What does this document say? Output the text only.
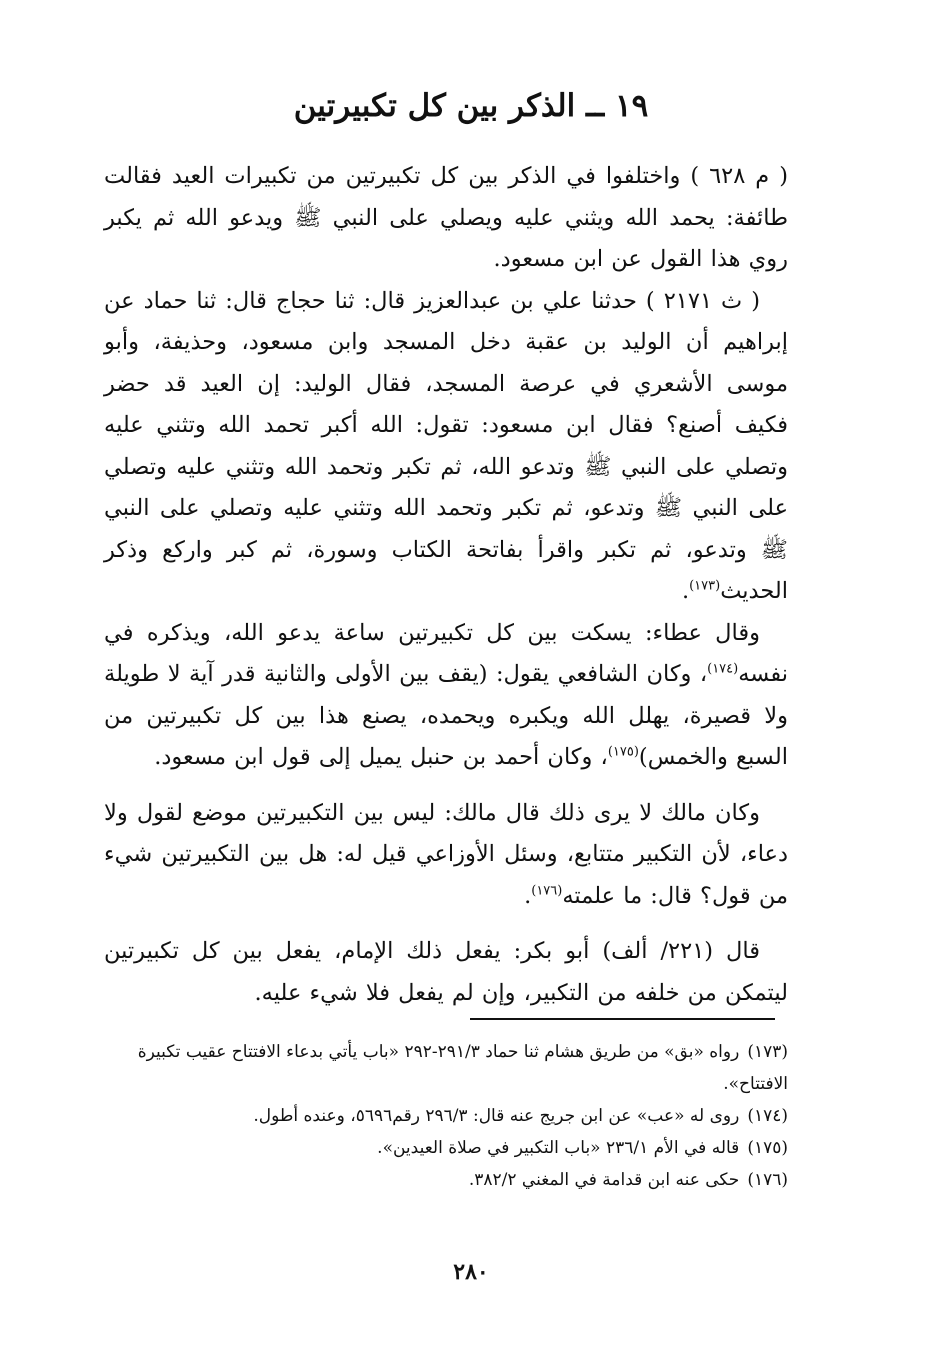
١٩ ــ الذكر بين كل تكبيرتين

( م ٦٢٨ ) واختلفوا في الذكر بين كل تكبيرتين من تكبيرات العيد فقالت طائفة: يحمد الله ويثني عليه ويصلي على النبي ﷺ ويدعو الله ثم يكبر روي هذا القول عن ابن مسعود.

( ث ٢١٧١ ) حدثنا علي بن عبدالعزيز قال: ثنا حجاج قال: ثنا حماد عن إبراهيم أن الوليد بن عقبة دخل المسجد وابن مسعود، وحذيفة، وأبو موسى الأشعري في عرصة المسجد، فقال الوليد: إن العيد قد حضر فكيف أصنع؟ فقال ابن مسعود: تقول: الله أكبر تحمد الله وتثني عليه وتصلي على النبي ﷺ وتدعو الله، ثم تكبر وتحمد الله وتثني عليه وتصلي على النبي ﷺ وتدعو، ثم تكبر وتحمد الله وتثني عليه وتصلي على النبي ﷺ وتدعو، ثم تكبر واقرأ بفاتحة الكتاب وسورة، ثم كبر واركع وذكر الحديث$^{(١٧٣)}$.

وقال عطاء: يسكت بين كل تكبيرتين ساعة يدعو الله، ويذكره في نفسه$^{(١٧٤)}$، وكان الشافعي يقول: (يقف بين الأولى والثانية قدر آية لا طويلة ولا قصيرة، يهلل الله ويكبره ويحمده، يصنع هذا بين كل تكبيرتين من السبع والخمس)$^{(١٧٥)}$، وكان أحمد بن حنبل يميل إلى قول ابن مسعود.

وكان مالك لا يرى ذلك قال مالك: ليس بين التكبيرتين موضع لقول ولا دعاء، لأن التكبير متتابع، وسئل الأوزاعي قيل له: هل بين التكبيرتين شيء من قول؟ قال: ما علمته$^{(١٧٦)}$.

قال (٢٢١/ ألف) أبو بكر: يفعل ذلك الإمام، يفعل بين كل تكبيرتين ليتمكن من خلفه من التكبير، وإن لم يفعل فلا شيء عليه.

(١٧٣)رواه «بق» من طريق هشام ثنا حماد ٢٩١/٣-٢٩٢ «باب يأتي بدعاء الافتتاح عقيب تكبيرة الافتتاح».

(١٧٤)روى له «عب» عن ابن جريج عنه قال: ٢٩٦/٣ رقم٥٦٩٦، وعنده أطول.

(١٧٥)قاله في الأم ٢٣٦/١ «باب التكبير في صلاة العيدين».

(١٧٦)حكى عنه ابن قدامة في المغني ٣٨٢/٢.

٢٨٠
